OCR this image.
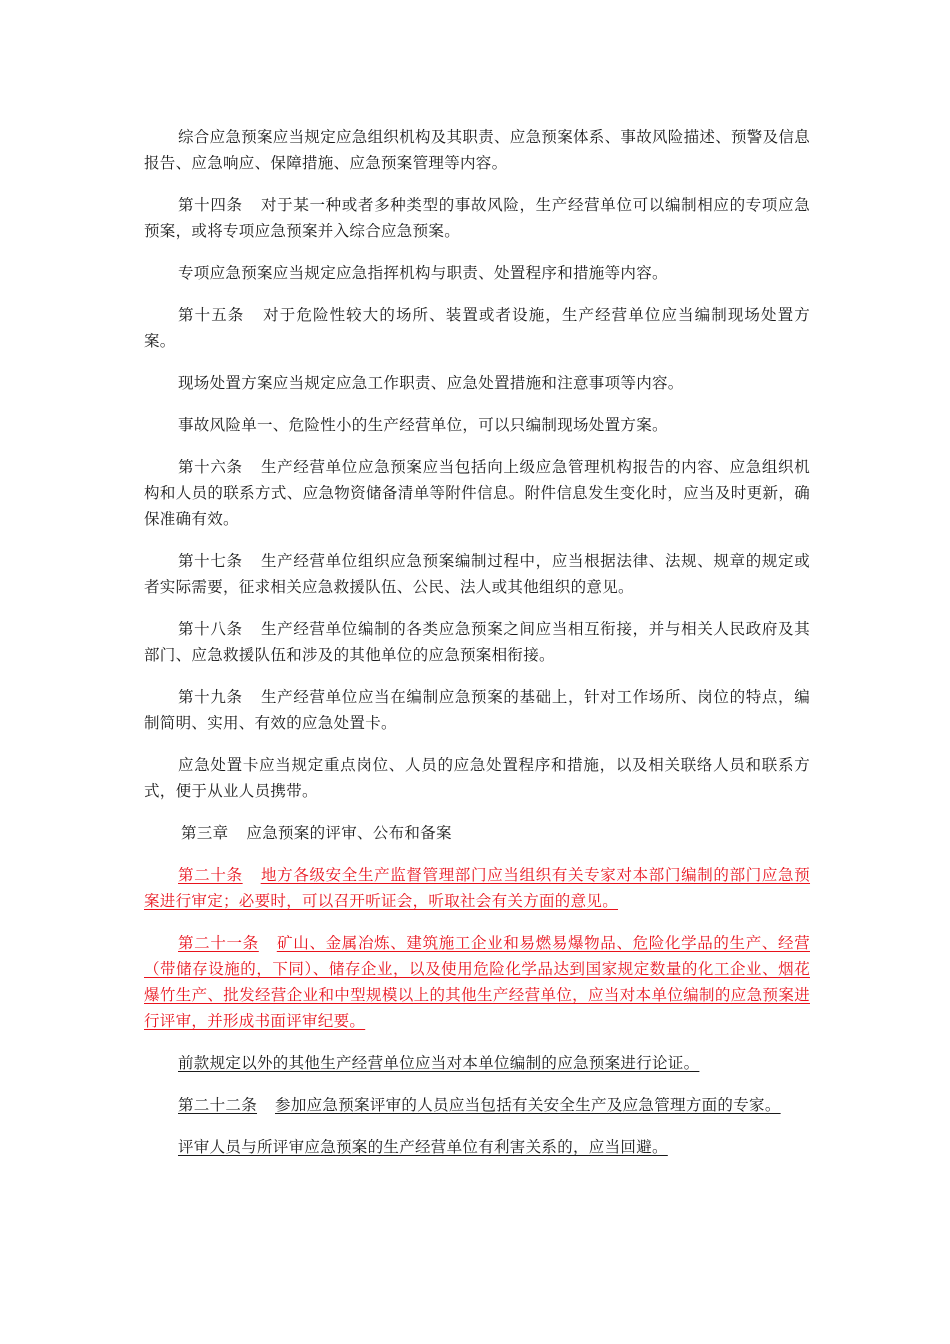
综合应急预案应当规定应急组织机构及其职责、应急预案体系、事故风险描述、预警及信息报告、应急响应、保障措施、应急预案管理等内容。

第十四条 对于某一种或者多种类型的事故风险，生产经营单位可以编制相应的专项应急预案，或将专项应急预案并入综合应急预案。

专项应急预案应当规定应急指挥机构与职责、处置程序和措施等内容。

第十五条 对于危险性较大的场所、装置或者设施，生产经营单位应当编制现场处置方案。

现场处置方案应当规定应急工作职责、应急处置措施和注意事项等内容。

事故风险单一、危险性小的生产经营单位，可以只编制现场处置方案。

第十六条 生产经营单位应急预案应当包括向上级应急管理机构报告的内容、应急组织机构和人员的联系方式、应急物资储备清单等附件信息。附件信息发生变化时，应当及时更新，确保准确有效。

第十七条 生产经营单位组织应急预案编制过程中，应当根据法律、法规、规章的规定或者实际需要，征求相关应急救援队伍、公民、法人或其他组织的意见。

第十八条 生产经营单位编制的各类应急预案之间应当相互衔接，并与相关人民政府及其部门、应急救援队伍和涉及的其他单位的应急预案相衔接。

第十九条 生产经营单位应当在编制应急预案的基础上，针对工作场所、岗位的特点，编制简明、实用、有效的应急处置卡。

应急处置卡应当规定重点岗位、人员的应急处置程序和措施，以及相关联络人员和联系方式，便于从业人员携带。

第三章 应急预案的评审、公布和备案

第二十条 地方各级安全生产监督管理部门应当组织有关专家对本部门编制的部门应急预案进行审定；必要时，可以召开听证会，听取社会有关方面的意见。

第二十一条 矿山、金属冶炼、建筑施工企业和易燃易爆物品、危险化学品的生产、经营（带储存设施的，下同）、储存企业，以及使用危险化学品达到国家规定数量的化工企业、烟花爆竹生产、批发经营企业和中型规模以上的其他生产经营单位，应当对本单位编制的应急预案进行评审，并形成书面评审纪要。

前款规定以外的其他生产经营单位应当对本单位编制的应急预案进行论证。

第二十二条 参加应急预案评审的人员应当包括有关安全生产及应急管理方面的专家。

评审人员与所评审应急预案的生产经营单位有利害关系的，应当回避。
